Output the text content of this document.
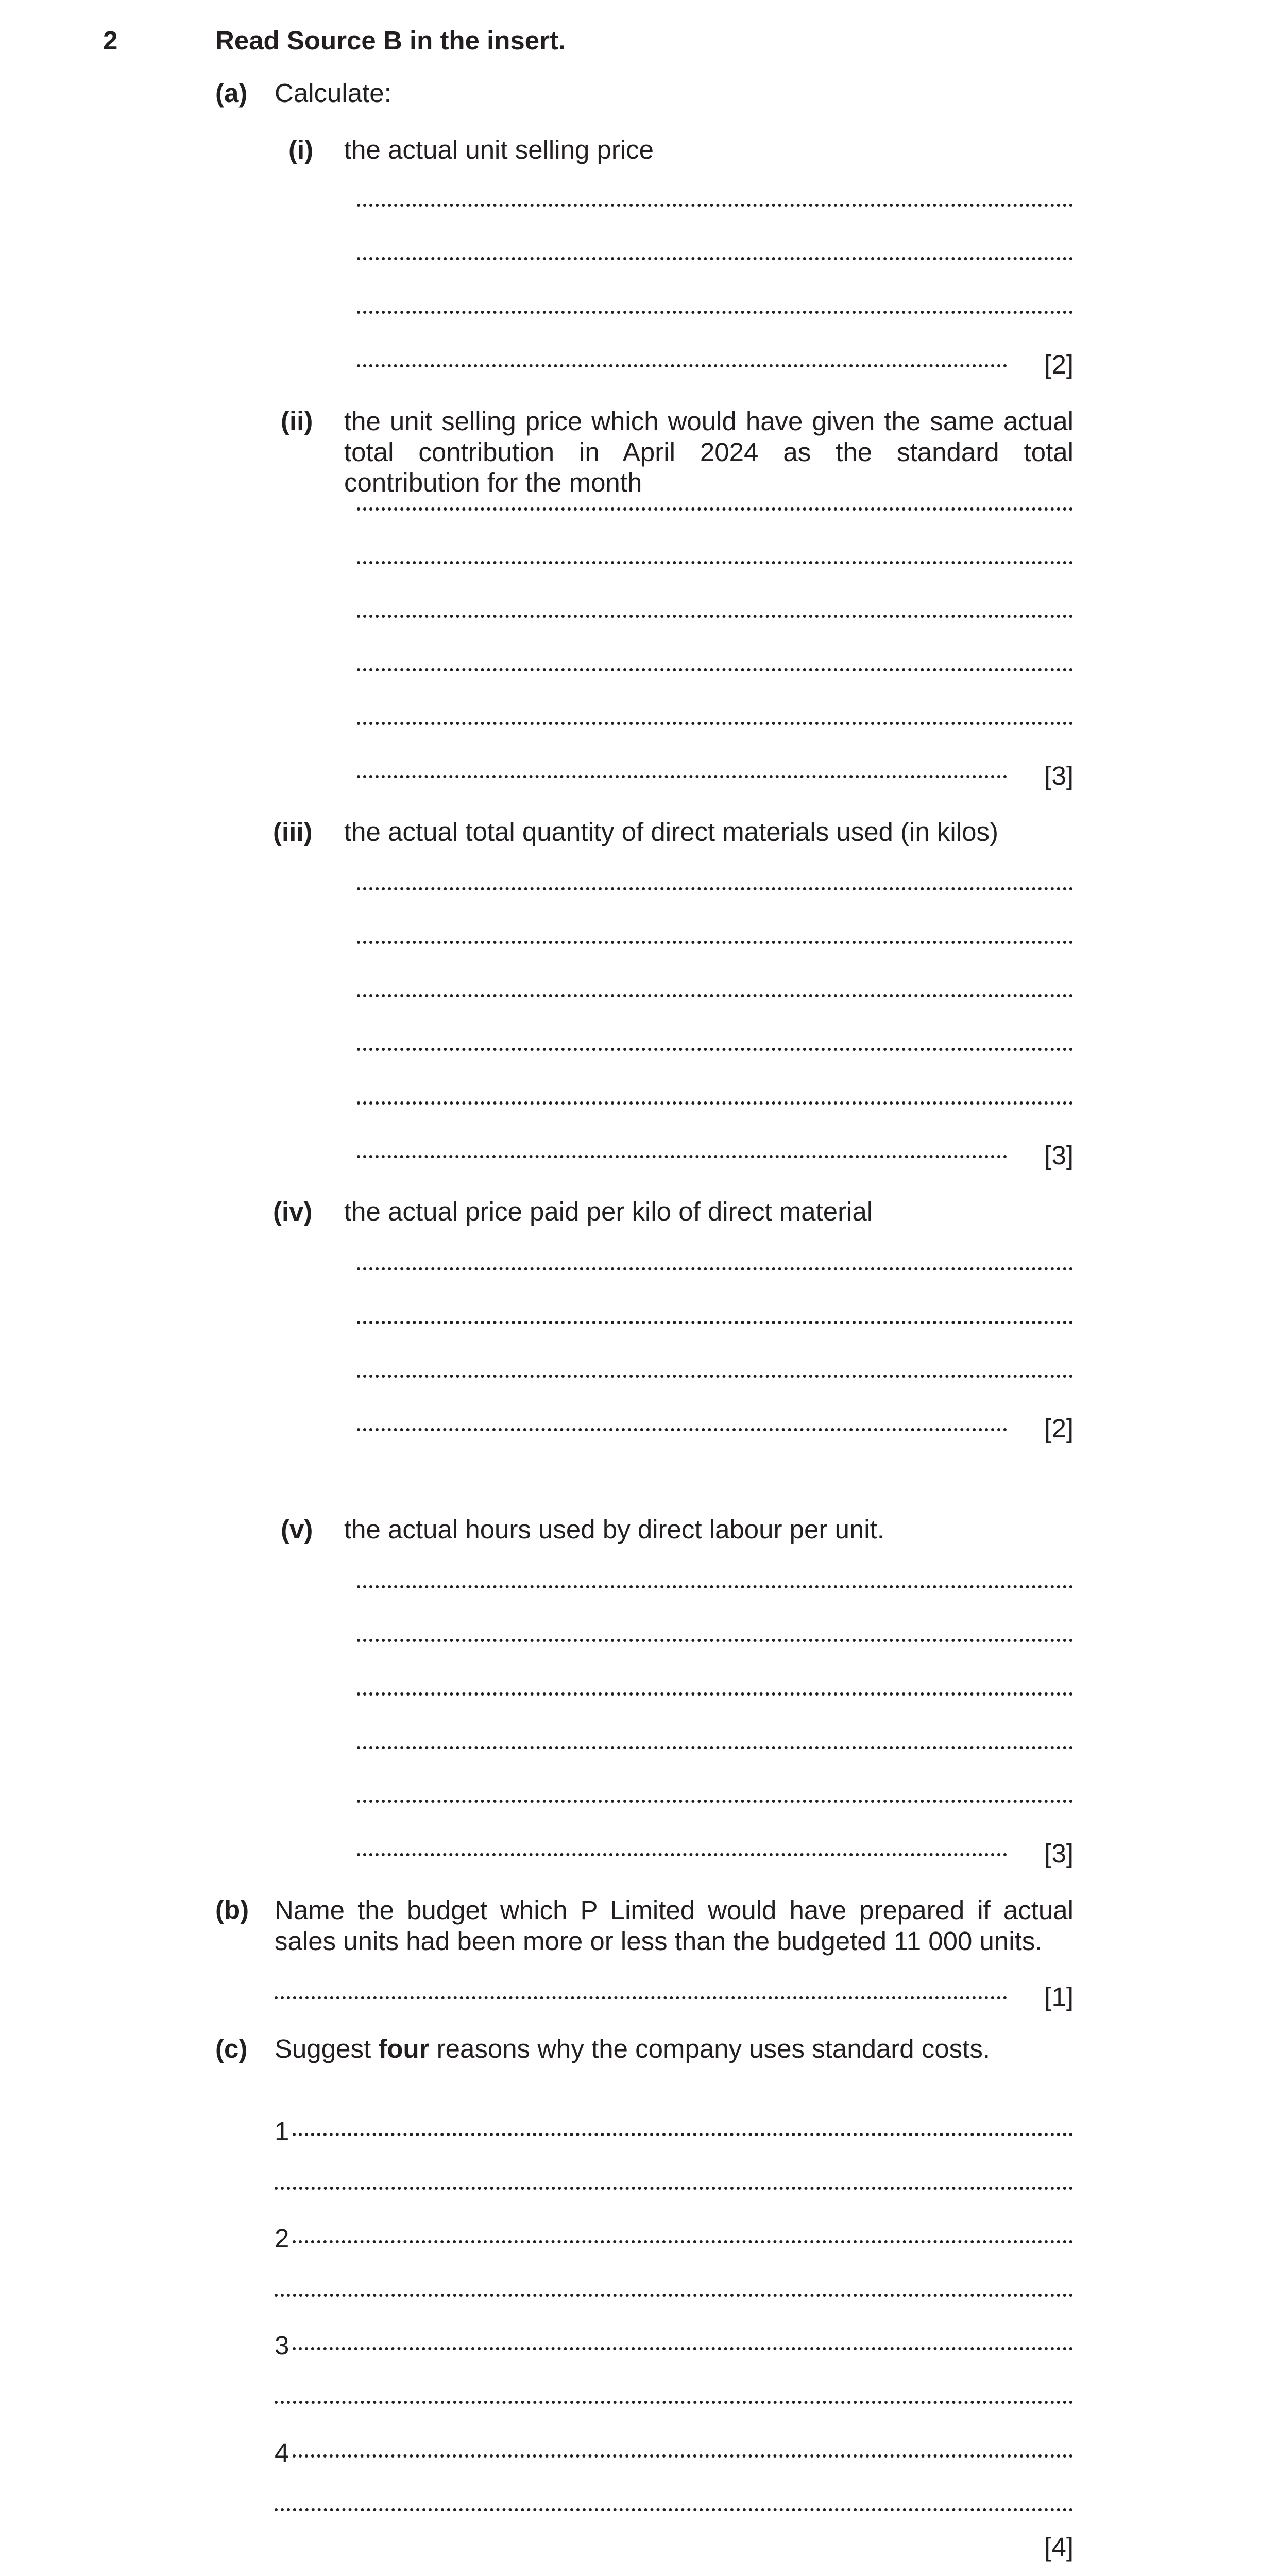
2	Read Source B in the insert.
(a) Calculate:
(i) the actual unit selling price
[2]
(ii) the unit selling price which would have given the same actual total contribution in April 2024 as the standard total contribution for the month
[3]
(iii) the actual total quantity of direct materials used (in kilos)
[3]
(iv) the actual price paid per kilo of direct material
[2]
(v) the actual hours used by direct labour per unit.
[3]
(b) Name the budget which P Limited would have prepared if actual sales units had been more or less than the budgeted 11 000 units.
[1]
(c) Suggest four reasons why the company uses standard costs.
1
2
3
4
[4]
